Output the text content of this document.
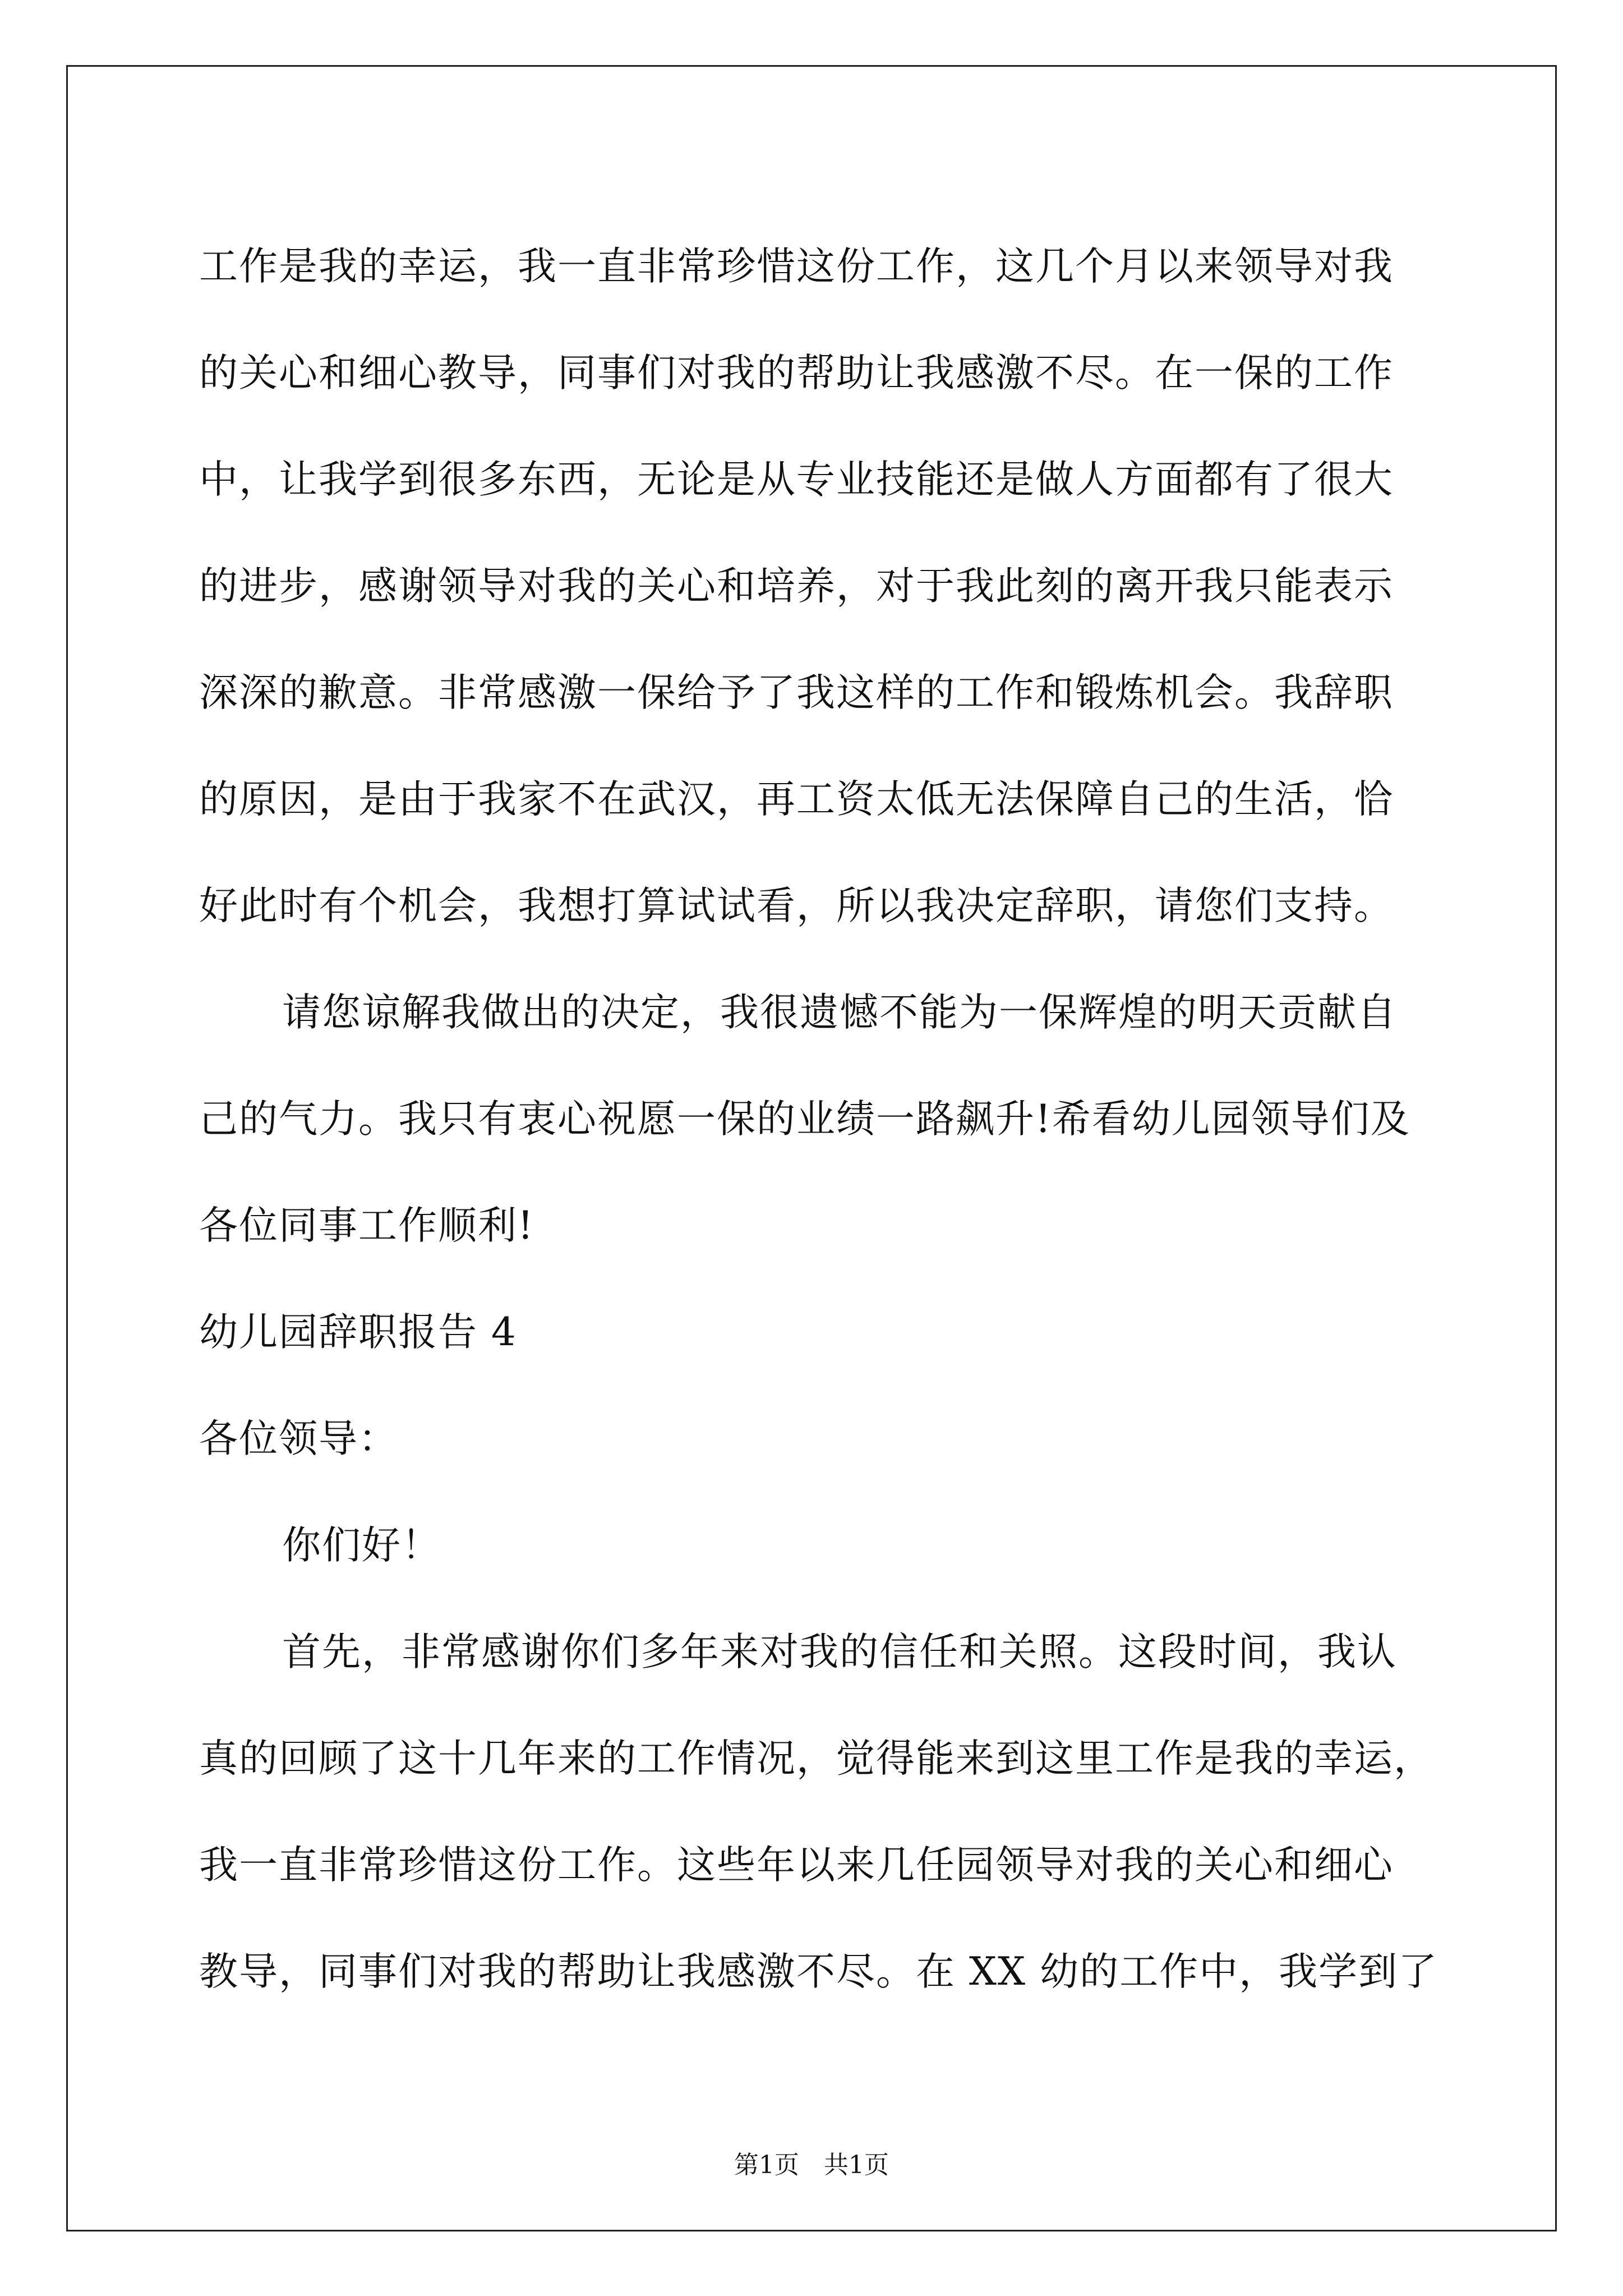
工作是我的幸运，我一直非常珍惜这份工作，这几个月以来领导对我
的关心和细心教导，同事们对我的帮助让我感激不尽。在一保的工作
中，让我学到很多东西，无论是从专业技能还是做人方面都有了很大
的进步，感谢领导对我的关心和培养，对于我此刻的离开我只能表示
深深的歉意。非常感激一保给予了我这样的工作和锻炼机会。我辞职
的原因，是由于我家不在武汉，再工资太低无法保障自己的生活，恰
好此时有个机会，我想打算试试看，所以我决定辞职，请您们支持。
请您谅解我做出的决定，我很遗憾不能为一保辉煌的明天贡献自
己的气力。我只有衷心祝愿一保的业绩一路飙升!希看幼儿园领导们及
各位同事工作顺利!
幼儿园辞职报告 4
各位领导：
你们好！
首先，非常感谢你们多年来对我的信任和关照。这段时间，我认
真的回顾了这十几年来的工作情况，觉得能来到这里工作是我的幸运，
我一直非常珍惜这份工作。这些年以来几任园领导对我的关心和细心
教导，同事们对我的帮助让我感激不尽。在 XX 幼的工作中，我学到了
第1页　共1页
